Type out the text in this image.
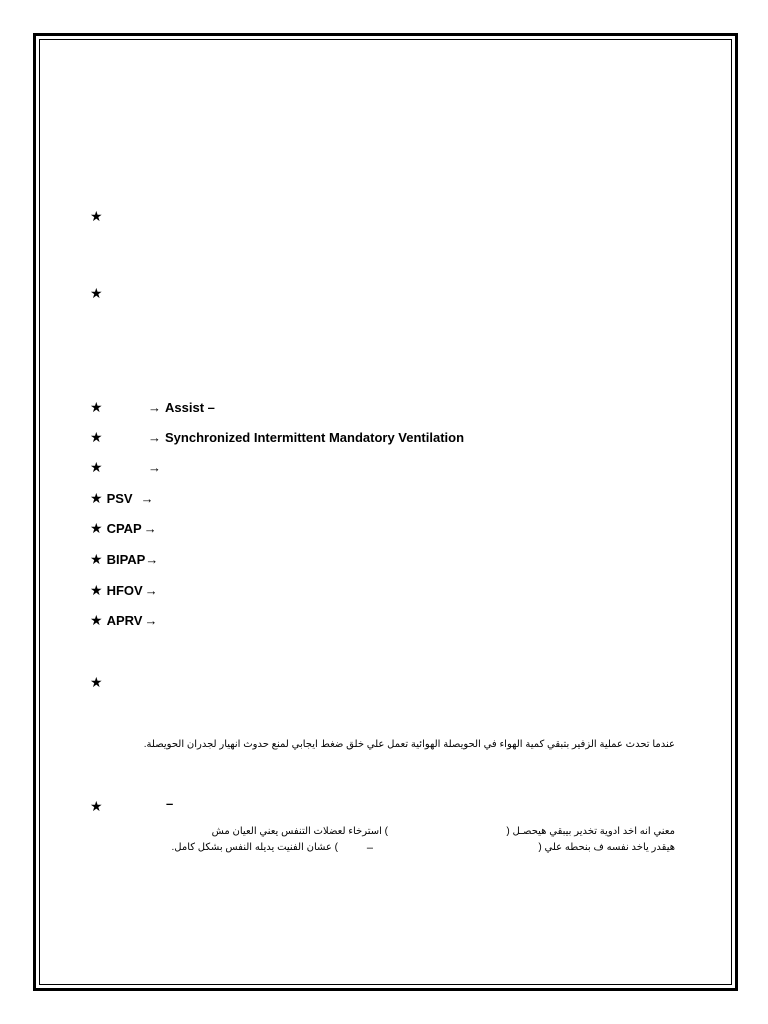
★
★
★	→ Assist –
★	→ Synchronized Intermittent Mandatory Ventilation
★	→
★ PSV →
★ CPAP →
★ BIPAP →
★ HFOV →
★ APRV →
★
عندما تحدث عملية الزفير بتبقي كمية الهواء في الحويصلة الهوائية تعمل علي خلق ضغط ايجابي لمنع حدوث انهيار لجدران الحويصلة.
★	–
معني انه اخد ادوية تخدير بيبقي هيحصـل (
) استرخاء لعضلات التنفس يعني العيان مش
هيقدر ياخد نفسه ف بنحطه علي (
–
) عشان الفنيت يديله النفس بشكل كامل.
